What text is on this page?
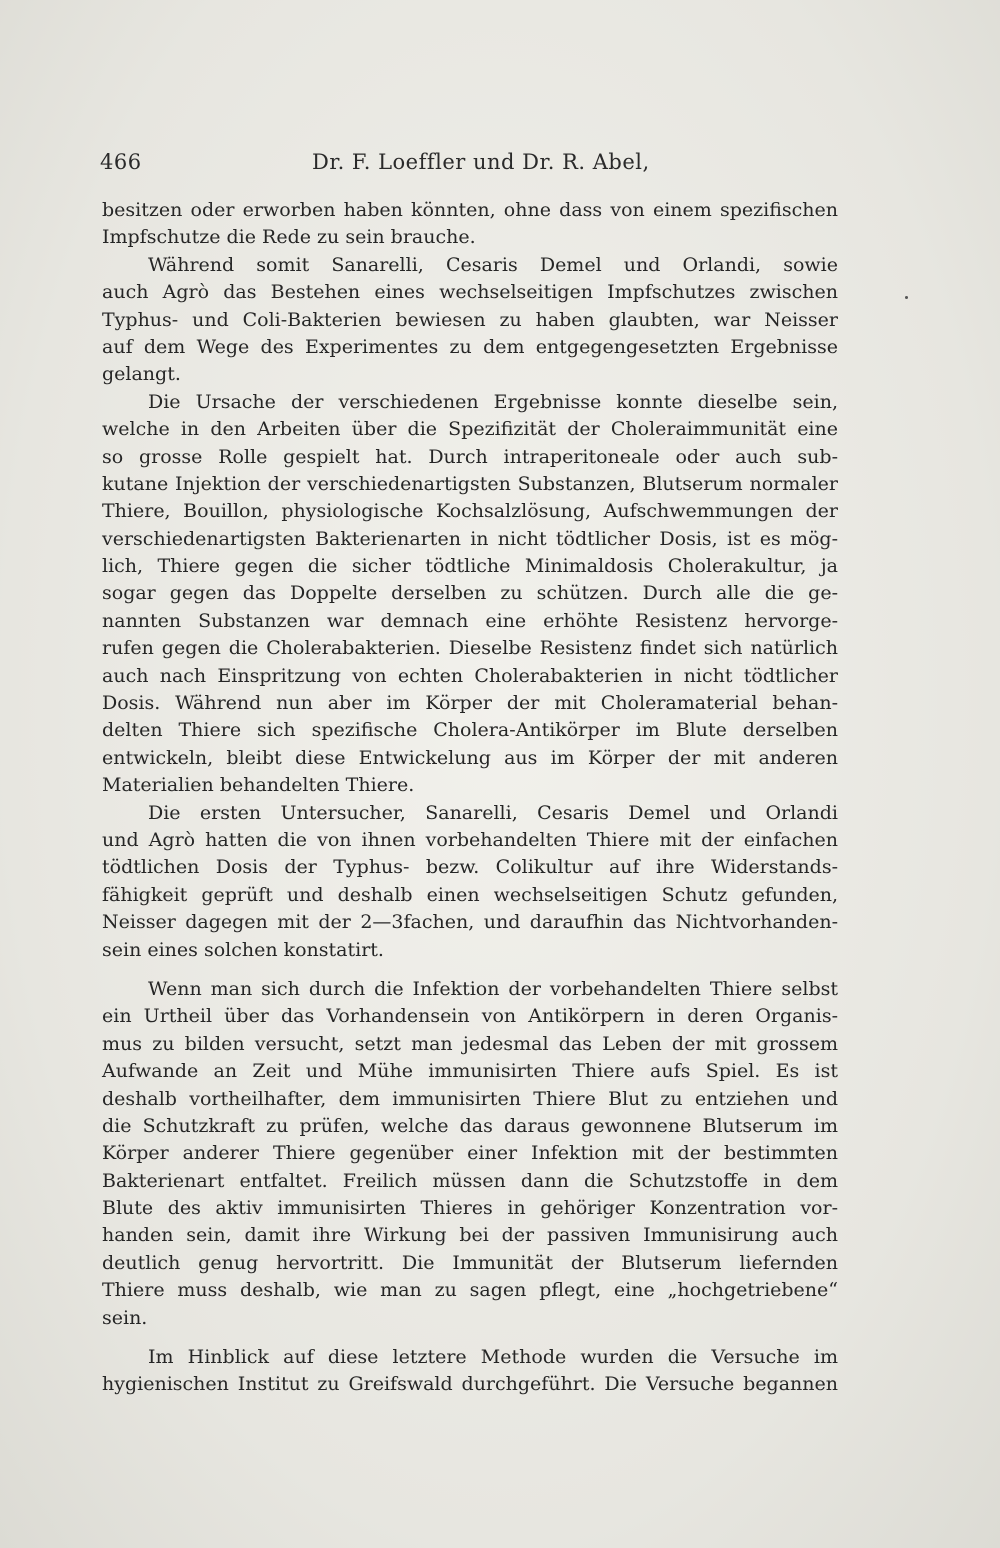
466	Dr. F. Loeffler und Dr. R. Abel,
besitzen oder erworben haben könnten, ohne dass von einem spezifischen
Impfschutze die Rede zu sein brauche.
Während somit Sanarelli, Cesaris Demel und Orlandi, sowie
auch Agrò das Bestehen eines wechselseitigen Impfschutzes zwischen
Typhus- und Coli-Bakterien bewiesen zu haben glaubten, war Neisser
auf dem Wege des Experimentes zu dem entgegengesetzten Ergebnisse
gelangt.
Die Ursache der verschiedenen Ergebnisse konnte dieselbe sein,
welche in den Arbeiten über die Spezifizität der Choleraimmunität eine
so grosse Rolle gespielt hat. Durch intraperitoneale oder auch sub-
kutane Injektion der verschiedenartigsten Substanzen, Blutserum normaler
Thiere, Bouillon, physiologische Kochsalzlösung, Aufschwemmungen der
verschiedenartigsten Bakterienarten in nicht tödtlicher Dosis, ist es mög-
lich, Thiere gegen die sicher tödtliche Minimaldosis Cholerakultur, ja
sogar gegen das Doppelte derselben zu schützen. Durch alle die ge-
nannten Substanzen war demnach eine erhöhte Resistenz hervorge-
rufen gegen die Cholerabakterien. Dieselbe Resistenz findet sich natürlich
auch nach Einspritzung von echten Cholerabakterien in nicht tödtlicher
Dosis. Während nun aber im Körper der mit Choleramaterial behan-
delten Thiere sich spezifische Cholera-Antikörper im Blute derselben
entwickeln, bleibt diese Entwickelung aus im Körper der mit anderen
Materialien behandelten Thiere.
Die ersten Untersucher, Sanarelli, Cesaris Demel und Orlandi
und Agrò hatten die von ihnen vorbehandelten Thiere mit der einfachen
tödtlichen Dosis der Typhus- bezw. Colikultur auf ihre Widerstands-
fähigkeit geprüft und deshalb einen wechselseitigen Schutz gefunden,
Neisser dagegen mit der 2—3fachen, und daraufhin das Nichtvorhanden-
sein eines solchen konstatirt.
Wenn man sich durch die Infektion der vorbehandelten Thiere selbst
ein Urtheil über das Vorhandensein von Antikörpern in deren Organis-
mus zu bilden versucht, setzt man jedesmal das Leben der mit grossem
Aufwande an Zeit und Mühe immunisirten Thiere aufs Spiel. Es ist
deshalb vortheilhafter, dem immunisirten Thiere Blut zu entziehen und
die Schutzkraft zu prüfen, welche das daraus gewonnene Blutserum im
Körper anderer Thiere gegenüber einer Infektion mit der bestimmten
Bakterienart entfaltet. Freilich müssen dann die Schutzstoffe in dem
Blute des aktiv immunisirten Thieres in gehöriger Konzentration vor-
handen sein, damit ihre Wirkung bei der passiven Immunisirung auch
deutlich genug hervortritt. Die Immunität der Blutserum liefernden
Thiere muss deshalb, wie man zu sagen pflegt, eine „hochgetriebene“
sein.
Im Hinblick auf diese letztere Methode wurden die Versuche im
hygienischen Institut zu Greifswald durchgeführt. Die Versuche begannen
